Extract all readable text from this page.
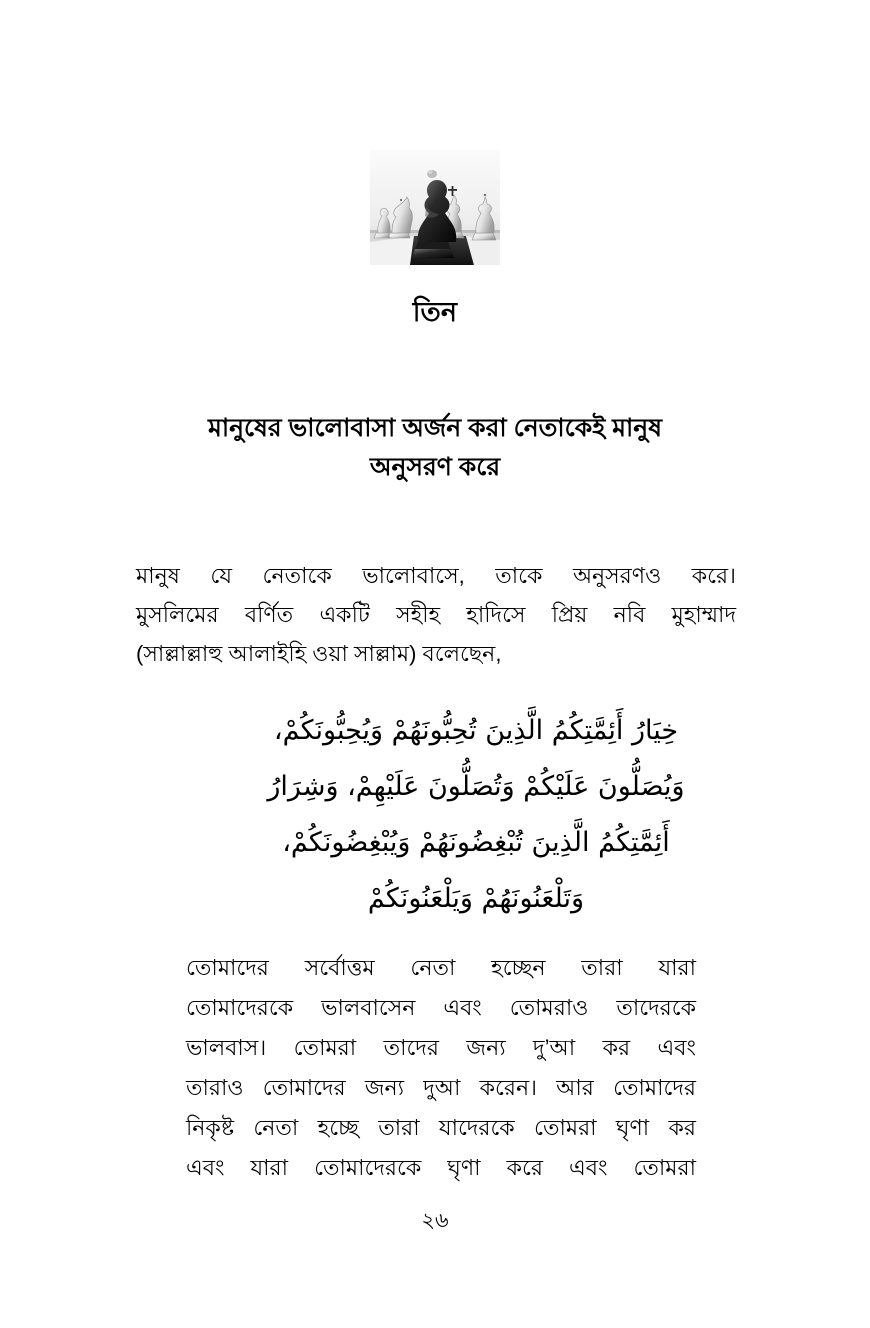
তিন
মানুষের ভালোবাসা অর্জন করা নেতাকেই মানুষ
অনুসরণ করে

মানুষ যে নেতাকে ভালোবাসে, তাকে অনুসরণও করে।
মুসলিমের বর্ণিত একটি সহীহ হাদিসে প্রিয় নবি মুহাম্মাদ
(সাল্লাল্লাহু আলাইহি ওয়া সাল্লাম) বলেছেন,

خِيَارُ أَئِمَّتِكُمُ الَّذِينَ تُحِبُّونَهُمْ وَيُحِبُّونَكُمْ،
وَيُصَلُّونَ عَلَيْكُمْ وَتُصَلُّونَ عَلَيْهِمْ، وَشِرَارُ
أَئِمَّتِكُمُ الَّذِينَ تُبْغِضُونَهُمْ وَيُبْغِضُونَكُمْ،
وَتَلْعَنُونَهُمْ وَيَلْعَنُونَكُمْ

তোমাদের সর্বোত্তম নেতা হচ্ছেন তারা যারা
তোমাদেরকে ভালবাসেন এবং তোমরাও তাদেরকে
ভালবাস। তোমরা তাদের জন্য দু’আ কর এবং
তারাও তোমাদের জন্য দুআ করেন। আর তোমাদের
নিকৃষ্ট নেতা হচ্ছে তারা যাদেরকে তোমরা ঘৃণা কর
এবং যারা তোমাদেরকে ঘৃণা করে এবং তোমরা

২৬
